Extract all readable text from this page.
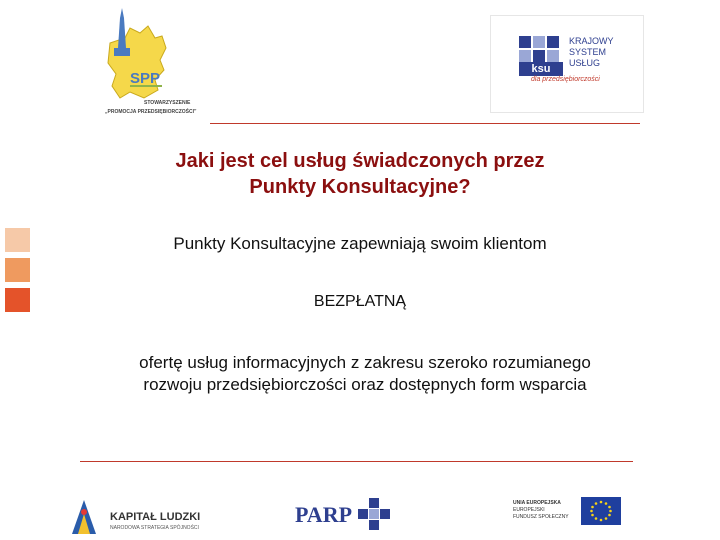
SPP
STOWARZYSZENIE
„PROMOCJA PRZEDSIĘBIORCZOŚCI”
ksu
KRAJOWY
SYSTEM
USŁUG
dla przedsiębiorczości
Jaki jest cel usług świadczonych przez
Punkty Konsultacyjne?
Punkty Konsultacyjne zapewniają swoim klientom
BEZPŁATNĄ
ofertę usług informacyjnych z zakresu szeroko rozumianego
rozwoju przedsiębiorczości oraz dostępnych form wsparcia
KAPITAŁ LUDZKI
NARODOWA STRATEGIA SPÓJNOŚCI
PARP	UNIA EUROPEJSKA
EUROPEJSKI
FUNDUSZ SPOŁECZNY
